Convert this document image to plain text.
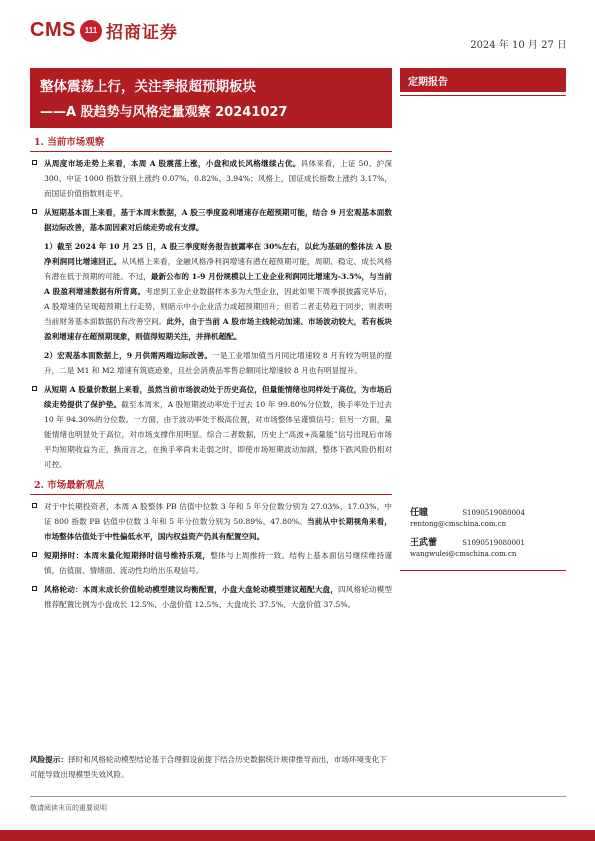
CMS 111 招商证券
2024 年 10 月 27 日
整体震荡上行，关注季报超预期板块
——A 股趋势与风格定量观察 20241027
定期报告
1. 当前市场观察
从周度市场走势上来看，本周 A 股震荡上涨，小盘和成长风格继续占优。具体来看，上证 50、沪深 300、中证 1000 指数分别上涨约 0.07%、0.82%、3.94%；风格上，国证成长指数上涨约 3.17%，而国证价值指数则走平。
从短期基本面上来看，基于本周末数据，A 股三季度盈利增速存在超预期可能，结合 9 月宏观基本面数据边际改善，基本面因素对后续走势或有支撑。
1）截至 2024 年 10 月 25 日，A 股三季度财务报告披露率在 30%左右，以此为基础的整体法 A 股净利润同比增速回正。从风格上来看，金融风格净利润增速有潜在超预期可能，周期、稳定、成长风格有潜在低于预期的可能。不过，最新公布的 1-9 月份规模以上工业企业利润同比增速为-3.5%，与当前 A 股盈利增速数据有所背离。考虑到工业企业数据样本多为大型企业，因此如果下周季报披露完毕后，A 股增速仍呈现超预期上行走势，则暗示中小企业活力或超预期回升；但若二者走势趋于同步，则表明当前财务基本面数据仍有改善空间。此外，由于当前 A 股市场主线轮动加速、市场波动较大，若有板块盈利增速存在超预期现象，则值得短期关注，并择机超配。
2）宏观基本面数据上，9 月供需两端边际改善。一是工业增加值当月同比增速较 8 月有较为明显的提升，二是 M1 和 M2 增速有筑底迹象，且社会消费品零售总额同比增速较 8 月也有明显提升。
从短期 A 股量价数据上来看，虽然当前市场波动处于历史高位，但量能情绪也同样处于高位，为市场后续走势提供了保护垫。截至本周末，A 股短期波动率处于过去 10 年 99.80%分位数，换手率处于过去 10 年 94.30%的分位数。一方面，由于波动率处于极高位置，对市场整体呈谨慎信号；但另一方面，量能情绪也明显处于高位，对市场支撑作用明显。综合二者数据，历史上“高波+高量能”信号出现后市场平均短期收益为正，换而言之，在换手率尚未走弱之时，即使市场短期波动加剧，整体下跌风险仍相对可控。
2. 市场最新观点
对于中长期投资者，本周 A 股整体 PB 估值中位数 3 年和 5 年分位数分别为 27.03%、17.03%，中证 800 指数 PB 估值中位数 3 年和 5 年分位数分别为 50.89%、47.80%。当前从中长期视角来看，市场整体估值处于中性偏低水平，国内权益资产仍具有配置空间。
短期择时：本周末量化短期择时信号维持乐观，整体与上周维持一致。结构上基本面信号继续维持谨慎，估值面、情绪面、流动性均给出乐观信号。
风格轮动：本周末成长价值轮动模型建议均衡配置，小盘大盘轮动模型建议超配大盘，四风格轮动模型推荐配置比例为小盘成长 12.5%、小盘价值 12.5%、大盘成长 37.5%、大盘价值 37.5%。
任瞳	S1090519080004
rentong@cmschina.com.cn
王武蕾	S1090519080001
wangwulei@cmschina.com.cn
风险提示：择时和风格轮动模型结论基于合理假设前提下结合历史数据统计规律推导而出，市场环境变化下可能导致出现模型失效风险。
敬请阅读末页的重要说明
